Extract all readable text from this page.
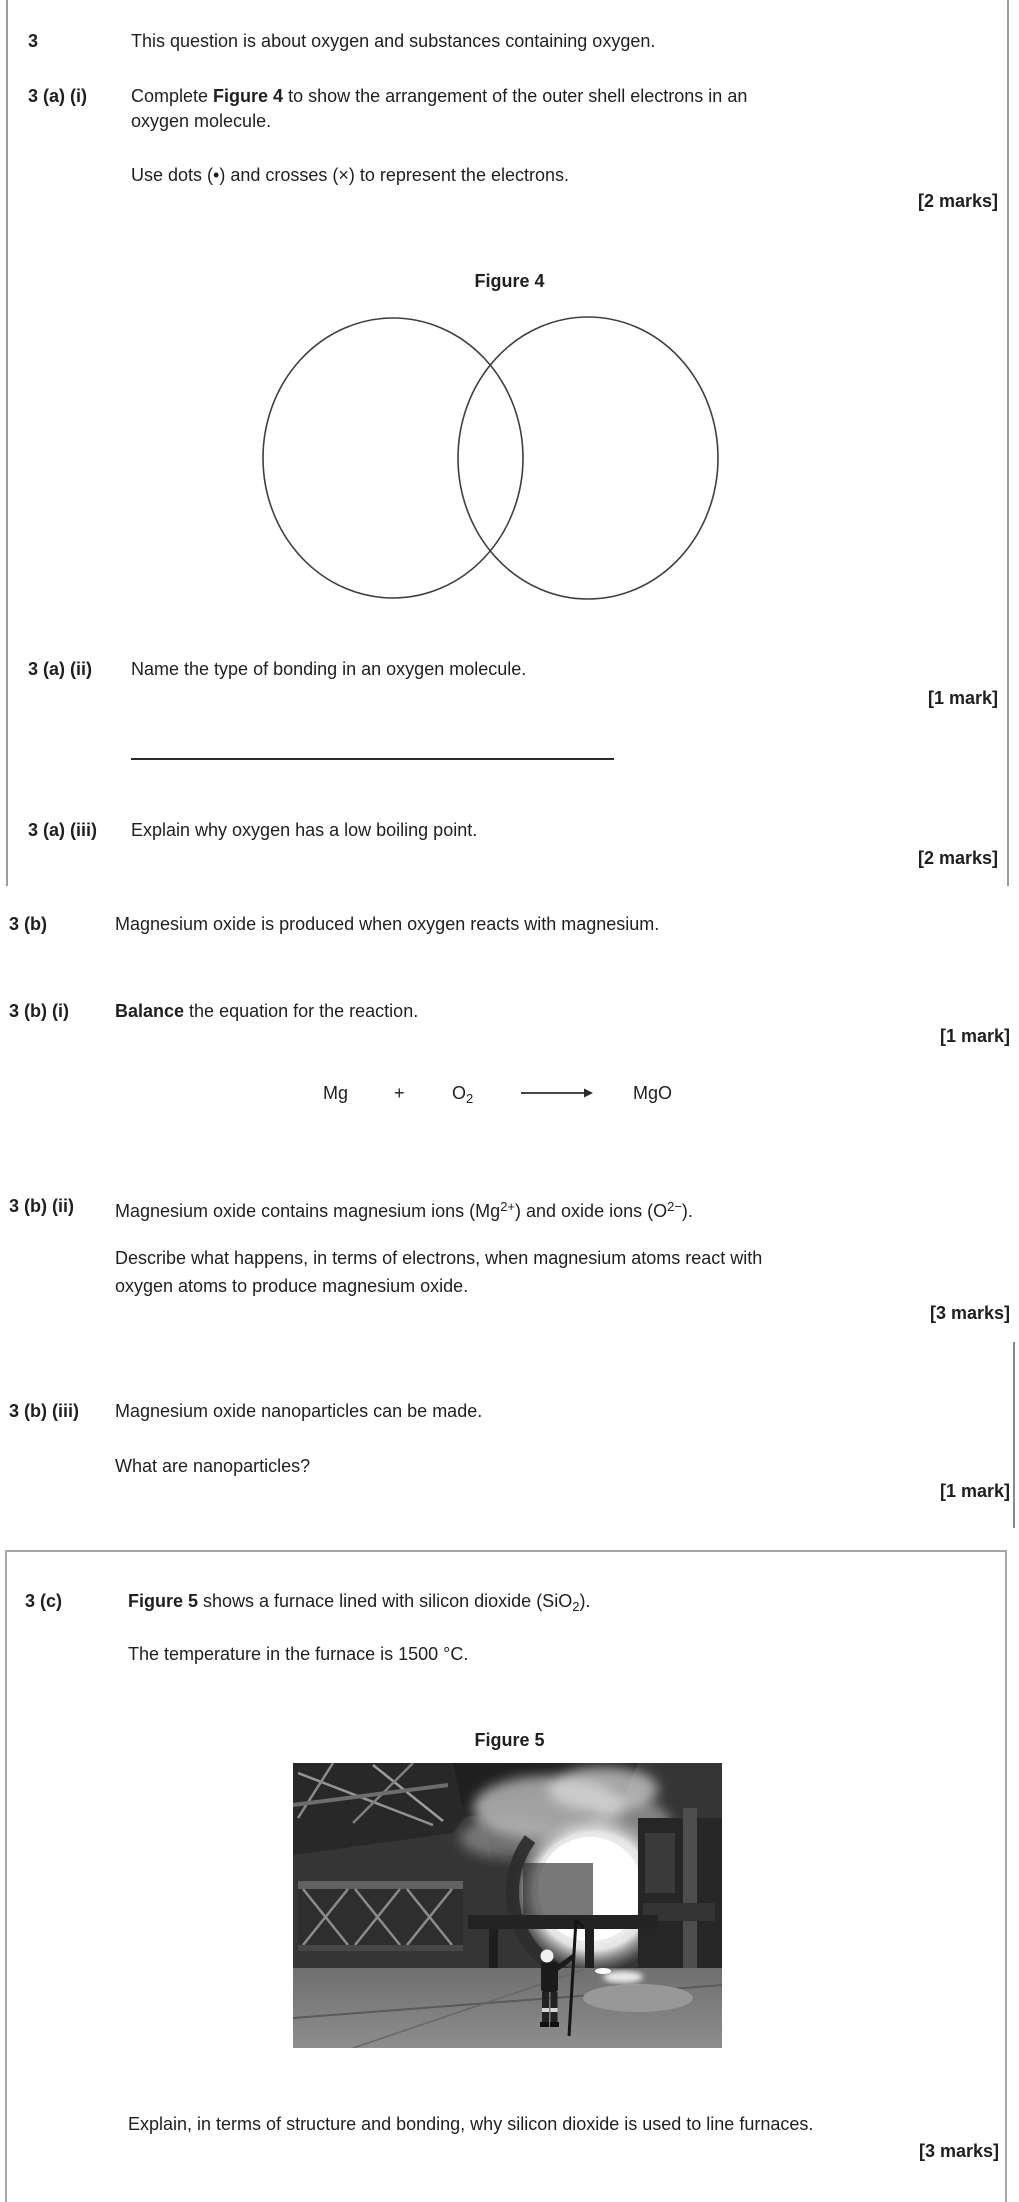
3	This question is about oxygen and substances containing oxygen.
3 (a) (i) Complete Figure 4 to show the arrangement of the outer shell electrons in an
oxygen molecule.
Use dots (•) and crosses (×) to represent the electrons.
[2 marks]
Figure 4
3 (a) (ii) Name the type of bonding in an oxygen molecule.
[1 mark]
3 (a) (iii) Explain why oxygen has a low boiling point.
[2 marks]
3 (b)	Magnesium oxide is produced when oxygen reacts with magnesium.
3 (b) (i)	Balance the equation for the reaction.
[1 mark]
Mg	+	$O_2$	MgO
3 (b) (ii) Magnesium oxide contains magnesium ions $(Mg^{2+})$ and oxide ions $(O^{2-})$.
Describe what happens, in terms of electrons, when magnesium atoms react with
oxygen atoms to produce magnesium oxide.
[3 marks]
3 (b) (iii) Magnesium oxide nanoparticles can be made.
What are nanoparticles?
[1 mark]
3 (c)	Figure 5 shows a furnace lined with silicon dioxide (SiO$_2$).
The temperature in the furnace is 1500 °C.
Figure 5
Explain, in terms of structure and bonding, why silicon dioxide is used to line furnaces.
[3 marks]
